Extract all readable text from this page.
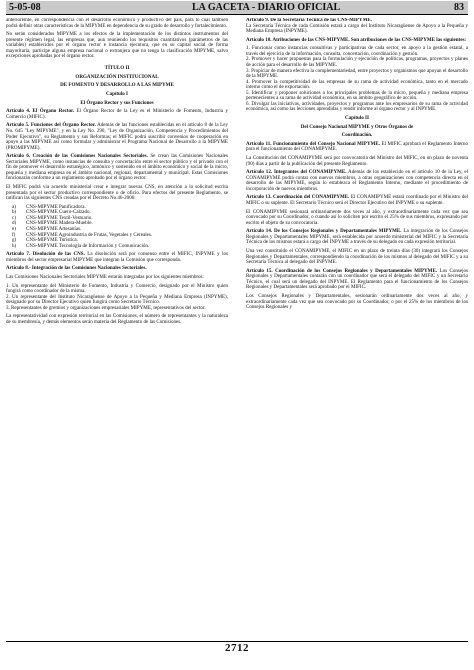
5-05-08	LA GACETA - DIARIO OFICIAL	83

anterioremte, en correspondencia con el desarrollo económico y productivo del país, para lo cual también podrá definir otras características de la MIPYME en dependencia de su grado de desarrollo y fortalecimiento.

No serán considerados MIPYME a los efectos de la implementación de los distintos instrumentos del presente régimen legal, las empresas que, aun reuniendo los requisitos cuantitativos (parámetros de las variables) establecidos por el órgano rector e instancia ejecutora, que en su capital social de forma mayoritaria, participe alguna empresa nacional o extranjera que no tenga la clasificación MIPYME, salvo excepciones aprobadas por el órgano rector.

TÍTULO II

ORGANIZACIÓN INSTITUCIONAL

DE FOMENTO Y DESARROLLO A LAS MIPYME

Capítulo I

El Órgano Rector y sus Funciones

Artículo 4. El Órgano Rector. El Órgano Rector de la Ley es el Ministerio de Fomento, Industria y Comercio (MIFIC).

Artículo 5. Funciones del Órgano Rector. Además de las funciones establecidas en el artículo 8 de la Ley No. 645 "Ley MIPYME", y en la Ley No. 290, "Ley de Organización, Competencia y Procedimientos del Poder Ejecutivo", su Reglamento y sus Reformas; el MIFIC podrá suscribir convenios de cooperación en apoyo a las MIPYME así como formular y administrar el Programa Nacional de Desarrollo a la MIPYME (PROMIPYME).

Artículo 6. Creación de las Comisiones Nacionales Sectoriales. Se crean las Comisiones Nacionales Sectoriales MIPYME, como instancias de consulta y concertación entre el sector público y el privado con el fin de promover el desarrollo estratégico, armónico y sostenido en el ámbito económico y social de la micro, pequeña y mediana empresa en el ámbito nacional, regional, departamental y municipal. Estas Comisiones funcionarán conforme a un reglamento aprobado por el órgano rector.

El MIFIC podrá via acuerdo ministerial crear e integrar nuevas CNS, en atención a la solicitud escrita presentada por el sector productivo correspondiente o de oficio. Para efectos del presente Reglamento, se ratifican las siguientes CNS creadas por el Decreto No.46-2006:

a)	CNS-MIPYME Panificadora.
b)	CNS-MIPYME Cuero-Calzado.
c)	CNS-MIPYME Textil-Vestuario.
d)	CNS-MIPYME Madera-Mueble.
e)	CNS-MIPYME Artesanías.
f)	CNS-MIPYME Agroindustria de Frutas, Vegetales y Cereales.
g)	CNS-MIPYME Turística.
h)	CNS-MIPYME Tecnología de Información y Comunicación.

Artículo 7. Disolución de las CNS. La disolución será por consenso entre el MIFIC, INPYME y los miembros del sector empresarial MIPYME que integran la Comisión que corresponda.

Artículo 8.- Integración de las Comisiones Nacionales Sectoriales.

Las Comisiones Nacionales Sectoriales MIPYME estarán integradas por los siguientes miembros:

1. Un representante del Ministerio de Fomento, Industria y Comercio, designado por el Ministro quien fungirá como coordinador de la misma.

2. Un representante del Instituto Nicaragüense de Apoyo a la Pequeña y Mediana Empresa (INPYME), designado por su Director Ejecutivo quien fungirá como Secretario Técnico.

3. Representantes de gremios y organizaciones empresariales MIPYME, representativos del sector.

La representatividad con expresión territorial en las Comisiones, el número de representantes y la naturaleza de su membresía, y demás elementos serán materia del Reglamento de las Comisiones.

Artículo 9. De la Secretaría Técnica de las CNS-MIPYME.

La Secretaría Técnica de cada Comisión estará a cargo del Instituto Nicaragüense de Apoyo a la Pequeña y Mediana Empresa (INPYME).

Artículo 10. Atribuciones de las CNS-MIPYME. Son atribuciones de las CNS-MIPYME las siguientes:

1. Funcionar como instancias consultivas y participativas de cada sector, en apoyo a la gestión estatal, a través del ejercicio de la información, consulta, concertación, coordinación y gestión.

2. Promover y hacer propuestas para la formulación y ejecución de políticas, programas, proyectos y planes de acción para el desarrollo de las MIPYME.

3. Propiciar de manera efectiva la complementariedad, entre proyectos y organismos que apoyan el desarrollo de la MIPYME.

4. Promover la competitividad de las empresas de su rama de actividad económica, tanto en el mercado interno como el de exportación.

5. Identificar y proponer soluciones a los principales problemas de la micro, pequeña y mediana empresa pertenecientes a su rama de actividad económica, en su ámbito geográfico de acción.

6. Divulgar las iniciativas, actividades, proyectos y programas ante los empresarios de su rama de actividad económica, así como las lecciones aprendidas y rendir informe al órgano rector y al INPYME.

Capítulo II

Del Consejo Nacional MIPYME y Otros Órganos de

Coordinación.

Artículo 11. Funcionamiento del Consejo Nacional MIPYME. El MIFIC aprobará el Reglamento Interno para el funcionamiento del CONAMIPYME.

La Constitución del CONAMIPYME será por convocatoria del Ministro del MIFIC, en un plazo de noventa (90) días a partir de la publicación del presente Reglamento.

Artículo 12. Integrantes del CONAMIPYME. Además de los establecido en el artículo 10 de la Ley, el CONAMIPYME podrá contar con nuevos miembros, a otras organizaciones con competencia directa en el desarrollo de las MIPYME, según lo establezca el Reglamento Interno, mediante el procedimiento de incorporación de nuevos miembros.

Artículo 13. Coordinación del CONAMIPYME. El CONAMIPYME estará coordinado por el Ministro del MIFIC o su suplente. El Secretario Técnico será el Director Ejecutivo del INPYME o su suplente.

El CONAMIPYME sesionará ordinariamente dos veces al año, y extraordinariamente cada vez que sea convocado por su Coordinador, o cuando así lo soliciten por escrito el 25% de sus miembros, expresando por escrito el objeto de su convocatoria.

Artículo 14. De los Consejos Regionales y Departamentales MIPYME. La integración de los Consejos Regionales y Departamentales MIPYME, será establecida por acuerdo ministerial del MIFIC y la Secretaría Técnica de los mismos estará a cargo del INPYME a través de su delegado en cada expresión territorial.

Una vez constituido el CONAMIPYME, el MIFIC en un plazo de treinta días (30) integrará los Consejos Regionales y Departamentales, correspondiendo la coordinación de los mismos al delegado del MIFIC y a su Secretaría Técnica al delegado del INPYME.

Artículo 15. Coordinación de los Consejos Regionales y Departamentales MIPYME. Los Consejos Regionales y Departamentales contarán con un coordinador que será el delegado del MIFIC y un Secretario Técnico, el cual será un delegado del INPYME. El Reglamento para el funcionamiento de los Consejos Regionales y Departamentales será aprobado por el MIFIC.

Los Consejos Regionales y Departamentales, sesionarán ordinariamente dos veces al año, y extraordinariamente cada vez que sea convocado por su Coordinador, o por el 25% de los miembros de los Consejos Regionales y

2712
